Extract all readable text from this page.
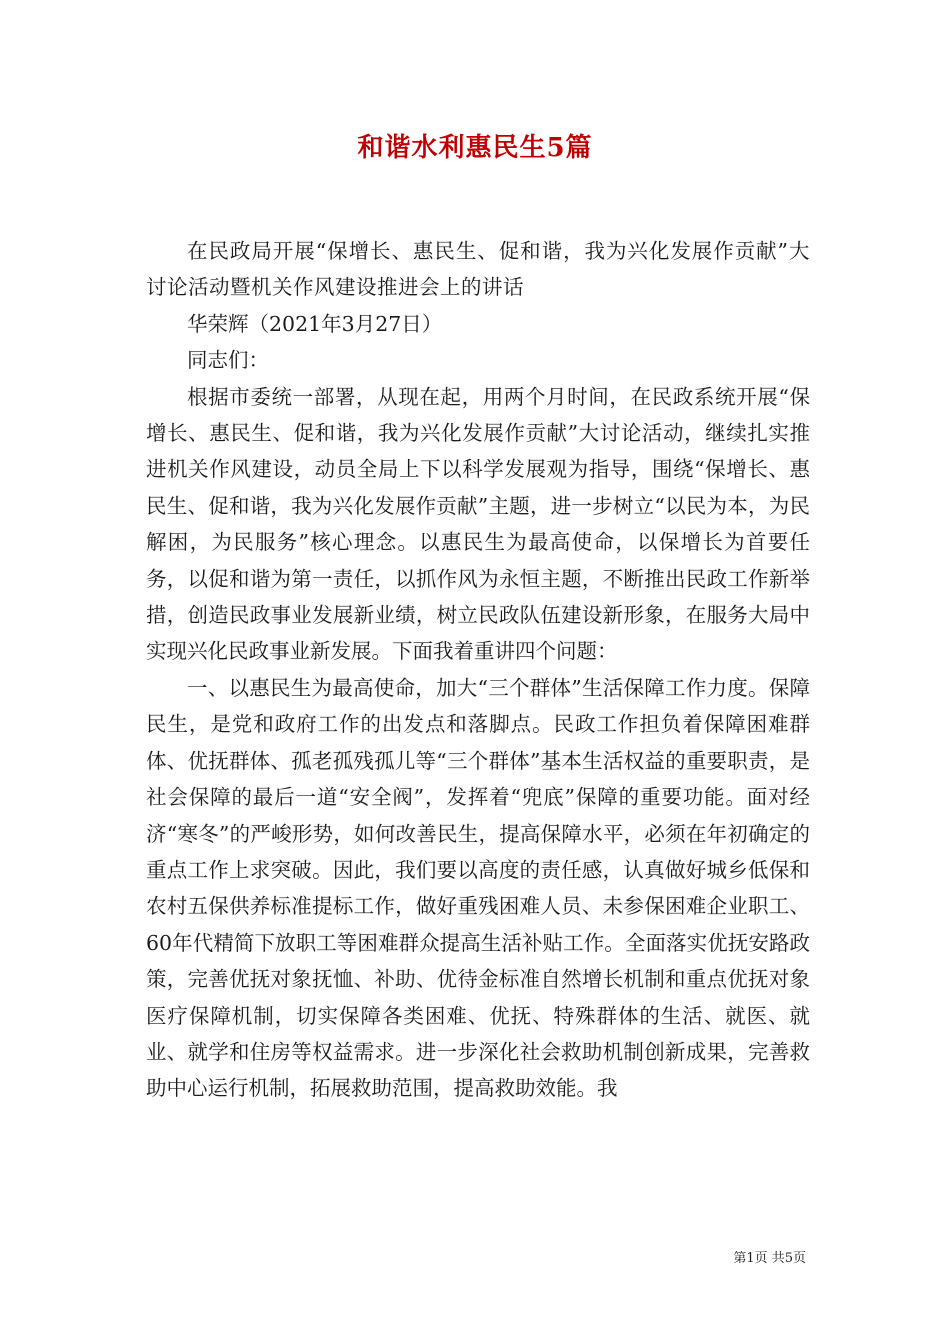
和谐水利惠民生5篇

在民政局开展“保增长、惠民生、促和谐，我为兴化发展作贡献”大讨论活动暨机关作风建设推进会上的讲话

华荣辉（2021年3月27日）

同志们：

根据市委统一部署，从现在起，用两个月时间，在民政系统开展“保增长、惠民生、促和谐，我为兴化发展作贡献”大讨论活动，继续扎实推进机关作风建设，动员全局上下以科学发展观为指导，围绕“保增长、惠民生、促和谐，我为兴化发展作贡献”主题，进一步树立“以民为本，为民解困，为民服务”核心理念。以惠民生为最高使命，以保增长为首要任务，以促和谐为第一责任，以抓作风为永恒主题，不断推出民政工作新举措，创造民政事业发展新业绩，树立民政队伍建设新形象，在服务大局中实现兴化民政事业新发展。下面我着重讲四个问题：

一、以惠民生为最高使命，加大“三个群体”生活保障工作力度。保障民生，是党和政府工作的出发点和落脚点。民政工作担负着保障困难群体、优抚群体、孤老孤残孤儿等“三个群体”基本生活权益的重要职责，是社会保障的最后一道“安全阀”，发挥着“兜底”保障的重要功能。面对经济“寒冬”的严峻形势，如何改善民生，提高保障水平，必须在年初确定的重点工作上求突破。因此，我们要以高度的责任感，认真做好城乡低保和农村五保供养标准提标工作，做好重残困难人员、未参保困难企业职工、60年代精简下放职工等困难群众提高生活补贴工作。全面落实优抚安路政策，完善优抚对象抚恤、补助、优待金标准自然增长机制和重点优抚对象医疗保障机制，切实保障各类困难、优抚、特殊群体的生活、就医、就业、就学和住房等权益需求。进一步深化社会救助机制创新成果，完善救助中心运行机制，拓展救助范围，提高救助效能。我

第1页 共5页
